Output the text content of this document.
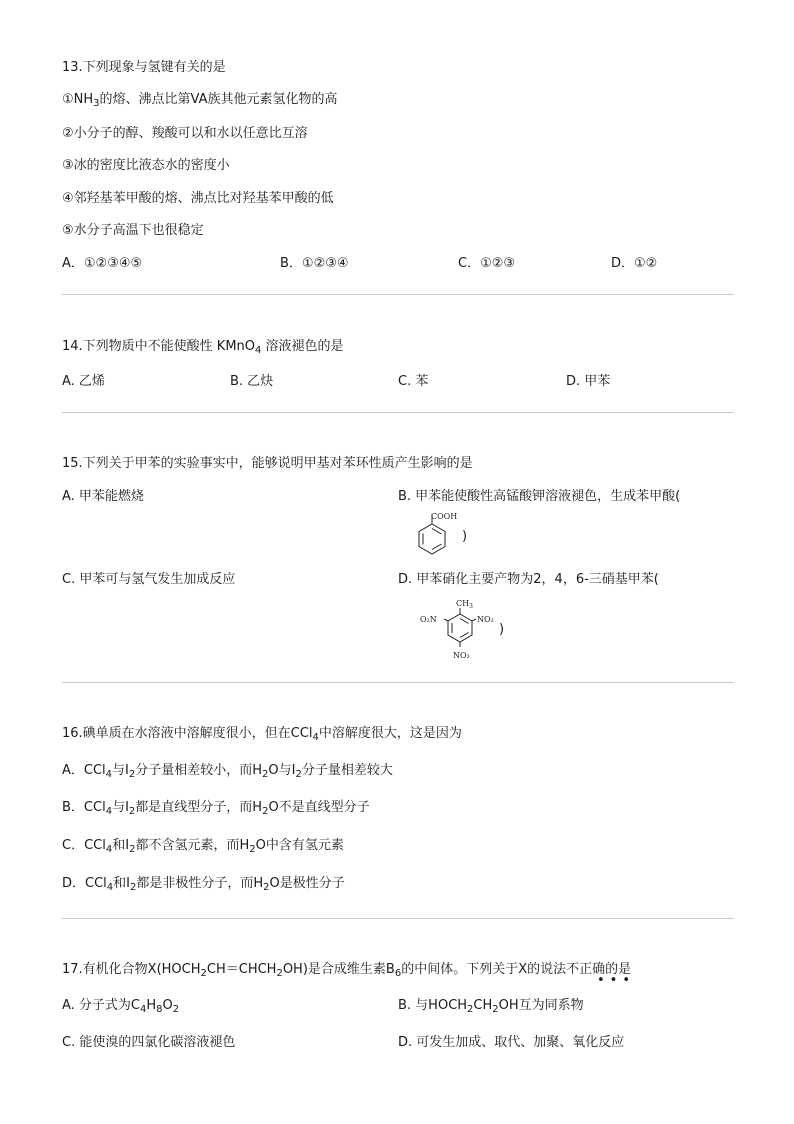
13.下列现象与氢键有关的是
$①NH_3$的熔、沸点比第VA族其他元素氢化物的高
②小分子的醇、羧酸可以和水以任意比互溶
③冰的密度比液态水的密度小
④邻羟基苯甲酸的熔、沸点比对羟基苯甲酸的低
⑤水分子高温下也很稳定
A．①②③④⑤	B．①②③④	C．①②③	D．①②
14.下列物质中不能使酸性 KMnO$_4$ 溶液褪色的是
A. 乙烯	B. 乙炔	C. 苯	D. 甲苯
15.下列关于甲苯的实验事实中，能够说明甲基对苯环性质产生影响的是
A. 甲苯能燃烧	B. 甲苯能使酸性高锰酸钾溶液褪色，生成苯甲酸(
COOH
)
C. 甲苯可与氢气发生加成反应	D. 甲苯硝化主要产物为2，4，6-三硝基甲苯(
$CH_3$
O₂N	NO₂
NO₂
)
16.碘单质在水溶液中溶解度很小，但在CCl$_4$中溶解度很大，这是因为
A．CCl$_4$与$I_2$分子量相差较小，而$H_2O$与$I_2$分子量相差较大
B．CCl$_4$与$I_2$都是直线型分子，而$H_2O$不是直线型分子
C．CCl$_4$和$I_2$都不含氢元素，而$H_2O$中含有氢元素
D．CCl$_4$和$I_2$都是非极性分子，而$H_2O$是极性分子
17.有机化合物$X(HOCH_2CH=CHCH_2OH)$是合成维生素$B_6$的中间体。下列关于X的说法不正确的是
•••
A. 分子式为$C_4H_8O_2$	B. 与$HOCH_2CH_2OH$互为同系物
C. 能使溴的四氯化碳溶液褪色	D. 可发生加成、取代、加聚、氧化反应
